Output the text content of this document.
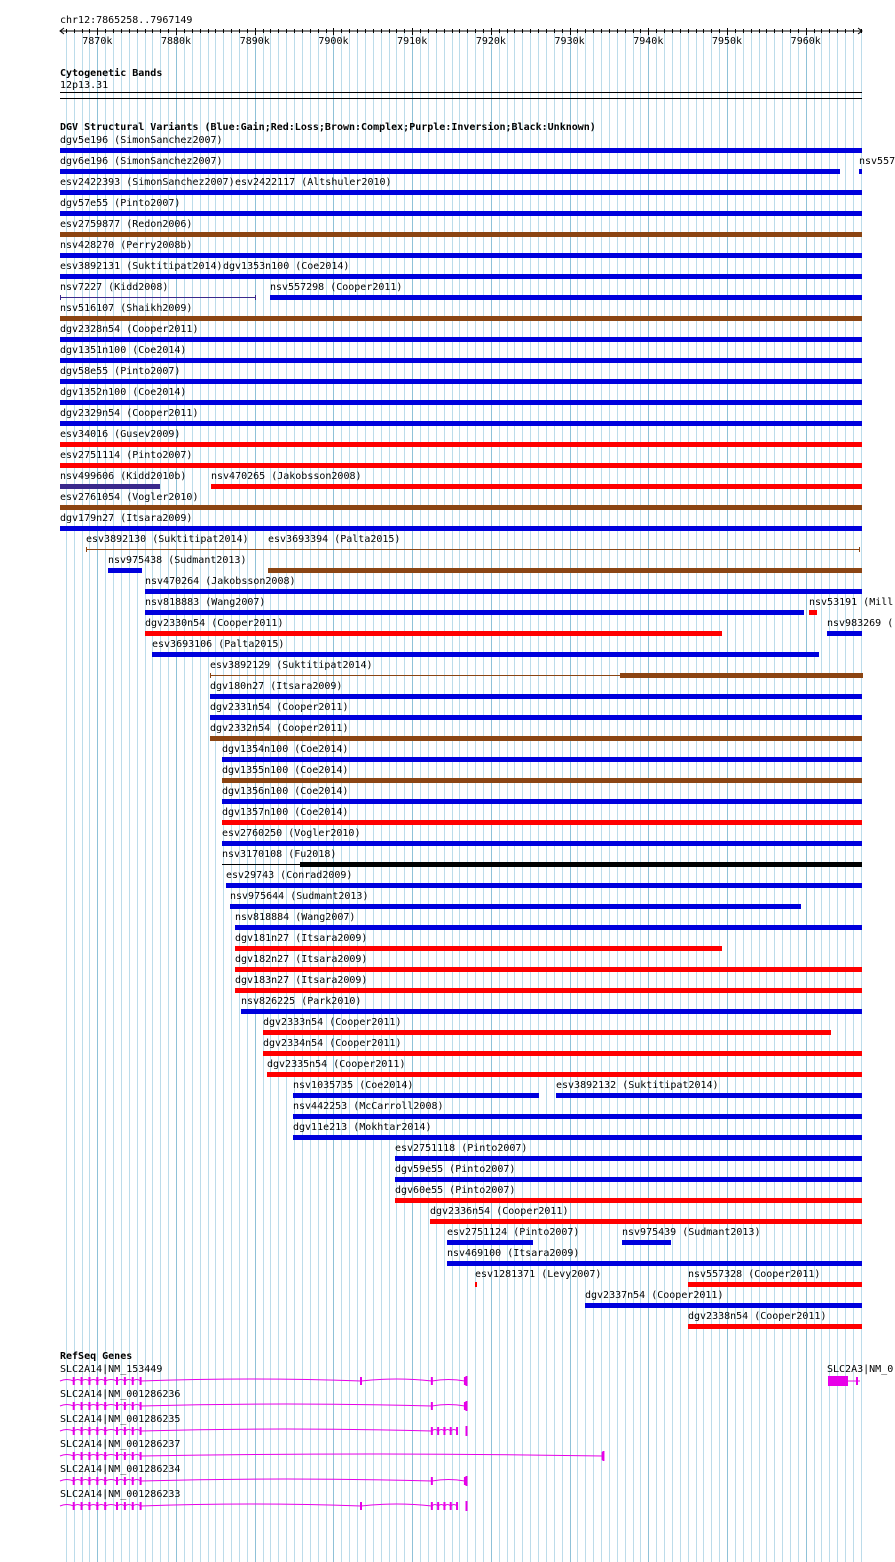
chr12:7865258..7967149
7870k	7880k	7890k	7900k	7910k	7920k	7930k	7940k	7950k	7960k
Cytogenetic Bands
12p13.31
DGV Structural Variants (Blue:Gain;Red:Loss;Brown:Complex;Purple:Inversion;Black:Unknown)
dgv5e196 (SimonSanchez2007)
dgv6e196 (SimonSanchez2007)	nsv557
esv2422393 (SimonSanchez2007) esv2422117 (Altshuler2010)
dgv57e55 (Pinto2007)
esv2759877 (Redon2006)
nsv428270 (Perry2008b)
esv3892131 (Suktitipat2014) dgv1353n100 (Coe2014)
nsv7227 (Kidd2008)	nsv557298 (Cooper2011)
nsv516107 (Shaikh2009)
dgv2328n54 (Cooper2011)
dgv1351n100 (Coe2014)
dgv58e55 (Pinto2007)
dgv1352n100 (Coe2014)
dgv2329n54 (Cooper2011)
esv34016 (Gusev2009)
esv2751114 (Pinto2007)
nsv499606 (Kidd2010b) nsv470265 (Jakobsson2008)
esv2761054 (Vogler2010)
dgv179n27 (Itsara2009)
esv3892130 (Suktitipat2014) esv3693394 (Palta2015)
nsv975438 (Sudmant2013)
nsv470264 (Jakobsson2008)
nsv818883 (Wang2007)	nsv53191 (Mill
dgv2330n54 (Cooper2011)	nsv983269 (
esv3693106 (Palta2015)
esv3892129 (Suktitipat2014)
dgv180n27 (Itsara2009)
dgv2331n54 (Cooper2011)
dgv2332n54 (Cooper2011)
dgv1354n100 (Coe2014)
dgv1355n100 (Coe2014)
dgv1356n100 (Coe2014)
dgv1357n100 (Coe2014)
esv2760250 (Vogler2010)
nsv3170108 (Fu2018)
esv29743 (Conrad2009)
nsv975644 (Sudmant2013)
nsv818884 (Wang2007)
dgv181n27 (Itsara2009)
dgv182n27 (Itsara2009)
dgv183n27 (Itsara2009)
nsv826225 (Park2010)
dgv2333n54 (Cooper2011)
dgv2334n54 (Cooper2011)
dgv2335n54 (Cooper2011)
nsv1035735 (Coe2014)	esv3892132 (Suktitipat2014)
nsv442253 (McCarroll2008)
dgv11e213 (Mokhtar2014)
esv2751118 (Pinto2007)
dgv59e55 (Pinto2007)
dgv60e55 (Pinto2007)
dgv2336n54 (Cooper2011)
esv2751124 (Pinto2007)	nsv975439 (Sudmant2013)
nsv469100 (Itsara2009)
esv1281371 (Levy2007)	nsv557328 (Cooper2011)
dgv2337n54 (Cooper2011)
dgv2338n54 (Cooper2011)
RefSeq Genes
SLC2A14|NM_153449	SLC2A3|NM_0
SLC2A14|NM_001286236
SLC2A14|NM_001286235
SLC2A14|NM_001286237
SLC2A14|NM_001286234
SLC2A14|NM_001286233
